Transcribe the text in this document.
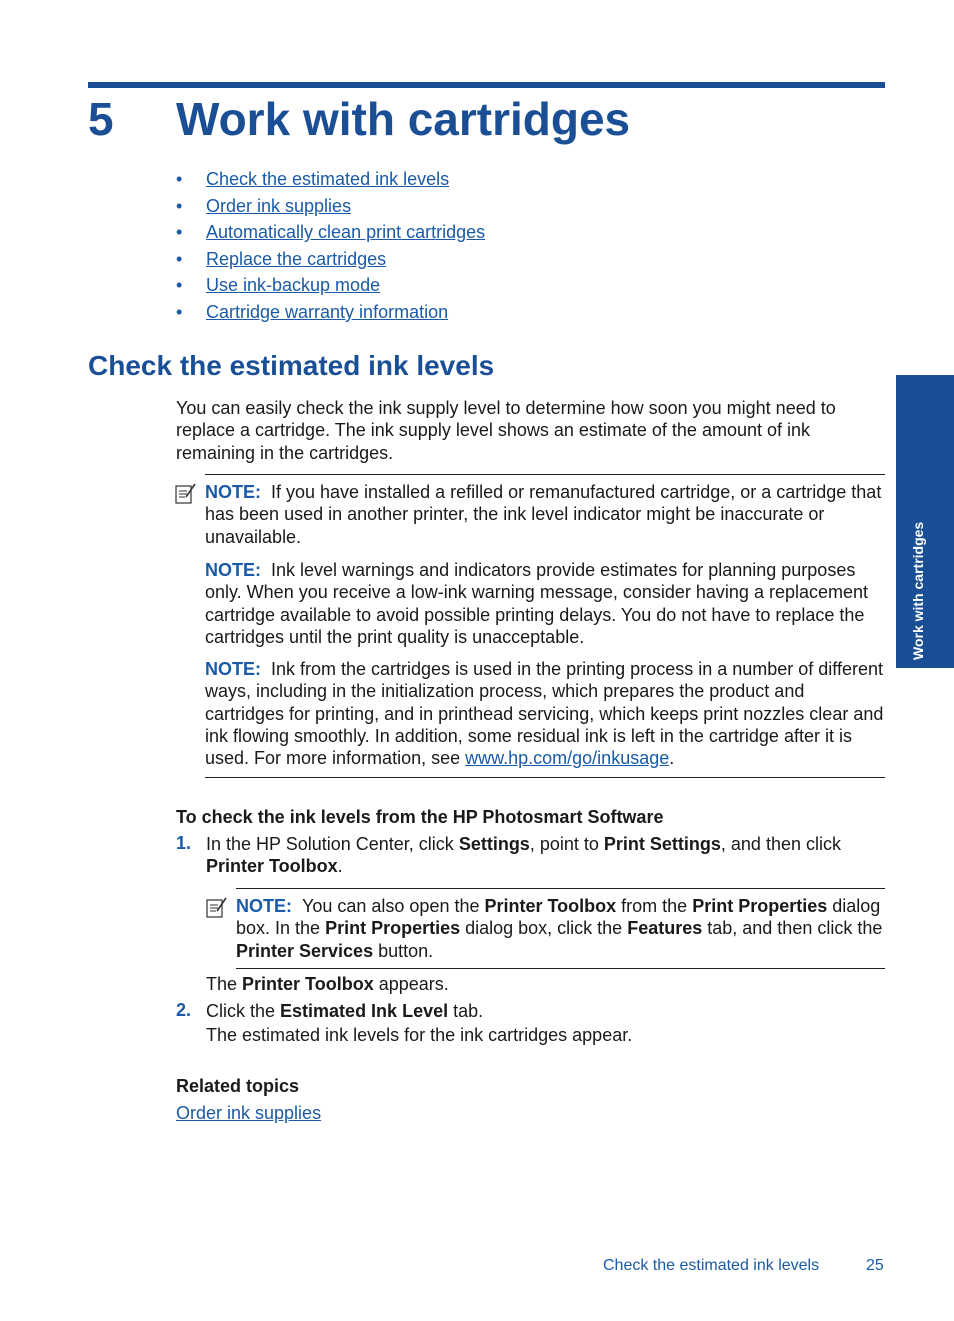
5 Work with cartridges
• Check the estimated ink levels
• Order ink supplies
• Automatically clean print cartridges
• Replace the cartridges
• Use ink-backup mode
• Cartridge warranty information
Check the estimated ink levels
You can easily check the ink supply level to determine how soon you might need to replace a cartridge. The ink supply level shows an estimate of the amount of ink remaining in the cartridges.
NOTE: If you have installed a refilled or remanufactured cartridge, or a cartridge that has been used in another printer, the ink level indicator might be inaccurate or unavailable.
NOTE: Ink level warnings and indicators provide estimates for planning purposes only. When you receive a low-ink warning message, consider having a replacement cartridge available to avoid possible printing delays. You do not have to replace the cartridges until the print quality is unacceptable.
NOTE: Ink from the cartridges is used in the printing process in a number of different ways, including in the initialization process, which prepares the product and cartridges for printing, and in printhead servicing, which keeps print nozzles clear and ink flowing smoothly. In addition, some residual ink is left in the cartridge after it is used. For more information, see www.hp.com/go/inkusage.
To check the ink levels from the HP Photosmart Software
1. In the HP Solution Center, click Settings, point to Print Settings, and then click Printer Toolbox.
NOTE: You can also open the Printer Toolbox from the Print Properties dialog box. In the Print Properties dialog box, click the Features tab, and then click the Printer Services button.
The Printer Toolbox appears.
2. Click the Estimated Ink Level tab.
The estimated ink levels for the ink cartridges appear.
Related topics
Order ink supplies
Work with cartridges
Check the estimated ink levels	25
